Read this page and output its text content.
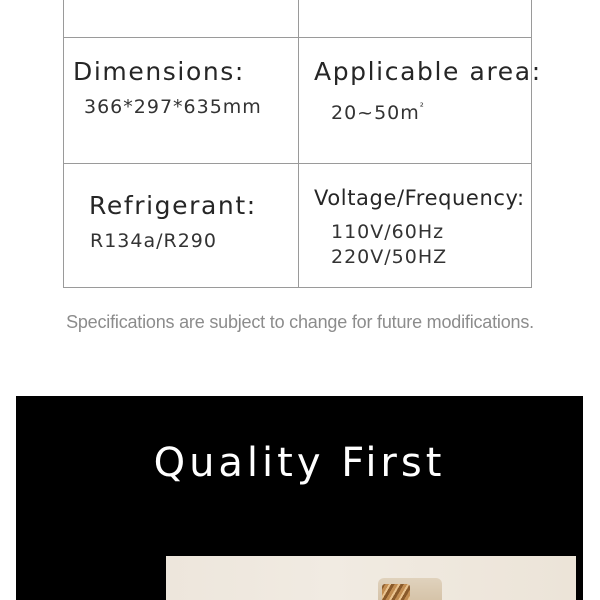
Dimensions:
366*297*635mm
Applicable area:
$20\sim 50m^{^2}$
Refrigerant:
R134a/R290
Voltage/Frequency:
110V/60Hz
220V/50HZ
Specifications are subject to change for future modifications.
Quality First
